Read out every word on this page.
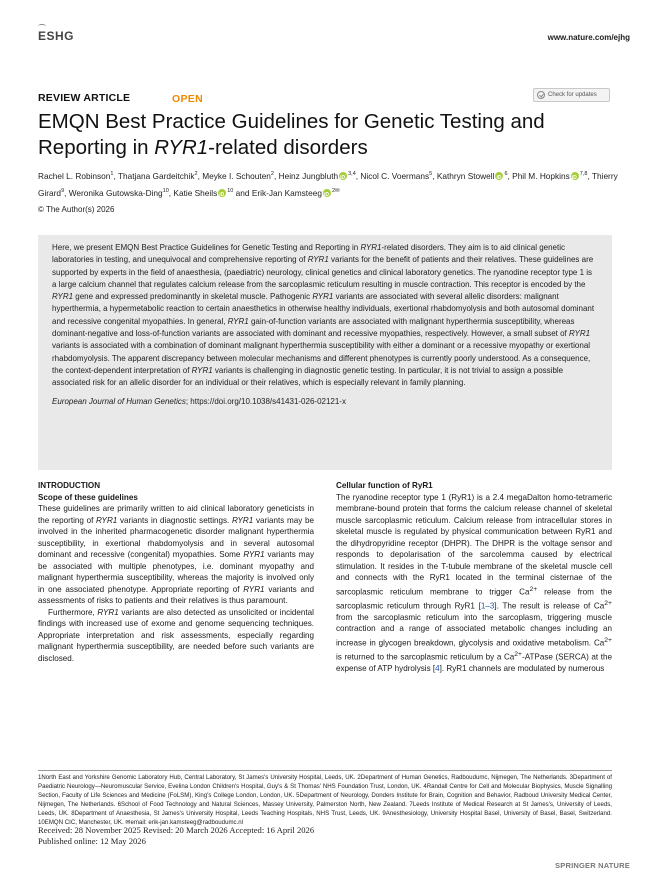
ESHG	www.nature.com/ejhg
REVIEW ARTICLE	OPEN	Check for updates
EMQN Best Practice Guidelines for Genetic Testing and Reporting in RYR1-related disorders
Rachel L. Robinson$^1$, Thatjana Gardeitchik$^2$, Meyke I. Schouten$^2$, Heinz Jungbluth iD $^{3,4}$, Nicol C. Voermans$^5$, Kathryn Stowell iD $^6$, Phil M. HopkinsiD $^{7,8}$, Thierry Girard$^9$, Weronika Gutowska-Ding$^{10}$, Katie Sheils iD $^{10}$ and Erik-Jan Kamsteeg iD $^{2✉}$
© The Author(s) 2026

Here, we present EMQN Best Practice Guidelines for Genetic Testing and Reporting in RYR1-related disorders. They aim is to aid clinical genetic laboratories in testing, and unequivocal and comprehensive reporting of RYR1 variants for the benefit of patients and their relatives. These guidelines are supported by experts in the field of anaesthesia, (paediatric) neurology, clinical genetics and clinical laboratory genetics. The ryanodine receptor type 1 is a large calcium channel that regulates calcium release from the sarcoplasmic reticulum resulting in muscle contraction. This receptor is encoded by the RYR1 gene and expressed predominantly in skeletal muscle. Pathogenic RYR1 variants are associated with several allelic disorders: malignant hyperthermia, a hypermetabolic reaction to certain anaesthetics in otherwise healthy individuals, exertional rhabdomyolysis and both autosomal dominant and recessive congenital myopathies. In general, RYR1 gain-of-function variants are associated with malignant hyperthermia susceptibility, whereas dominant-negative and loss-of-function variants are associated with dominant and recessive myopathies, respectively. However, a small subset of RYR1 variants is associated with a combination of dominant malignant hyperthermia susceptibility with either a dominant or a recessive myopathy or exertional rhabdomyolysis. The apparent discrepancy between molecular mechanisms and different phenotypes is currently poorly understood. As a consequence, the context-dependent interpretation of RYR1 variants is challenging in diagnostic genetic testing. In particular, it is not trivial to assign a possible associated risk for an allelic disorder for an individual or their relatives, which is especially relevant in family planning.

European Journal of Human Genetics; https://doi.org/10.1038/s41431-026-02121-x

INTRODUCTION
Scope of these guidelines

These guidelines are primarily written to aid clinical laboratory geneticists in the reporting of RYR1 variants in diagnostic settings. RYR1 variants may be involved in the inherited pharmacogenetic disorder malignant hyperthermia susceptibility, in exertional rhabdomyolysis and in several autosomal dominant and recessive (congenital) myopathies. Some RYR1 variants may be associated with multiple phenotypes, i.e. dominant myopathy and malignant hyperthermia susceptibility, whereas the majority is involved only in one associated phenotype. Appropriate reporting of RYR1 variants and assessments of risks to patients and their relatives is thus paramount.

Furthermore, RYR1 variants are also detected as unsolicited or incidental findings with increased use of exome and genome sequencing techniques. Appropriate interpretation and risk assessments, especially regarding malignant hyperthermia susceptibility, are needed before such variants are disclosed.

Cellular function of RyR1

The ryanodine receptor type 1 (RyR1) is a 2.4 megaDalton homo-tetrameric membrane-bound protein that forms the calcium release channel of skeletal muscle sarcoplasmic reticulum. Calcium release from intracellular stores in skeletal muscle is regulated by physical communication between RyR1 and the dihydropyridine receptor (DHPR). The DHPR is the voltage sensor and responds to depolarisation of the sarcolemma caused by electrical stimulation. It resides in the T-tubule membrane of the skeletal muscle cell and connects with the RyR1 located in the terminal cisternae of the sarcoplasmic reticulum membrane to trigger $Ca^{2+}$ release from the sarcoplasmic reticulum through RyR1 [1–3]. The result is release of $Ca^{2+}$ from the sarcoplasmic reticulum into the sarcoplasm, triggering muscle contraction and a range of associated metabolic changes including an increase in glycogen breakdown, glycolysis and oxidative metabolism. $Ca^{2+}$ is returned to the sarcoplasmic reticulum by a $Ca^{2+}$-ATPase (SERCA) at the expense of ATP hydrolysis [4]. RyR1 channels are modulated by numerous

1North East and Yorkshire Genomic Laboratory Hub, Central Laboratory, St James's University Hospital, Leeds, UK. 2Department of Human Genetics, Radboudumc, Nijmegen, The Netherlands. 3Department of Paediatric Neurology—Neuromuscular Service, Evelina London Children's Hospital, Guy's & St Thomas' NHS Foundation Trust, London, UK. 4Randall Centre for Cell and Molecular Biophysics, Muscle Signalling Section, Faculty of Life Sciences and Medicine (FoLSM), King's College London, London, UK. 5Department of Neurology, Donders Institute for Brain, Cognition and Behavior, Radboud University Medical Center, Nijmegen, The Netherlands. 6School of Food Technology and Natural Sciences, Massey University, Palmerston North, New Zealand. 7Leeds Institute of Medical Research at St James's, University of Leeds, Leeds, UK. 8Department of Anaesthesia, St James's University Hospital, Leeds Teaching Hospitals, NHS Trust, Leeds, UK. 9Anesthesiology, University Hospital Basel, University of Basel, Basel, Switzerland. 10EMQN CIC, Manchester, UK. ✉email: erik-jan.kamsteeg@radboudumc.nl
Received: 28 November 2025 Revised: 20 March 2026 Accepted: 16 April 2026
Published online: 12 May 2026
SPRINGER NATURE
